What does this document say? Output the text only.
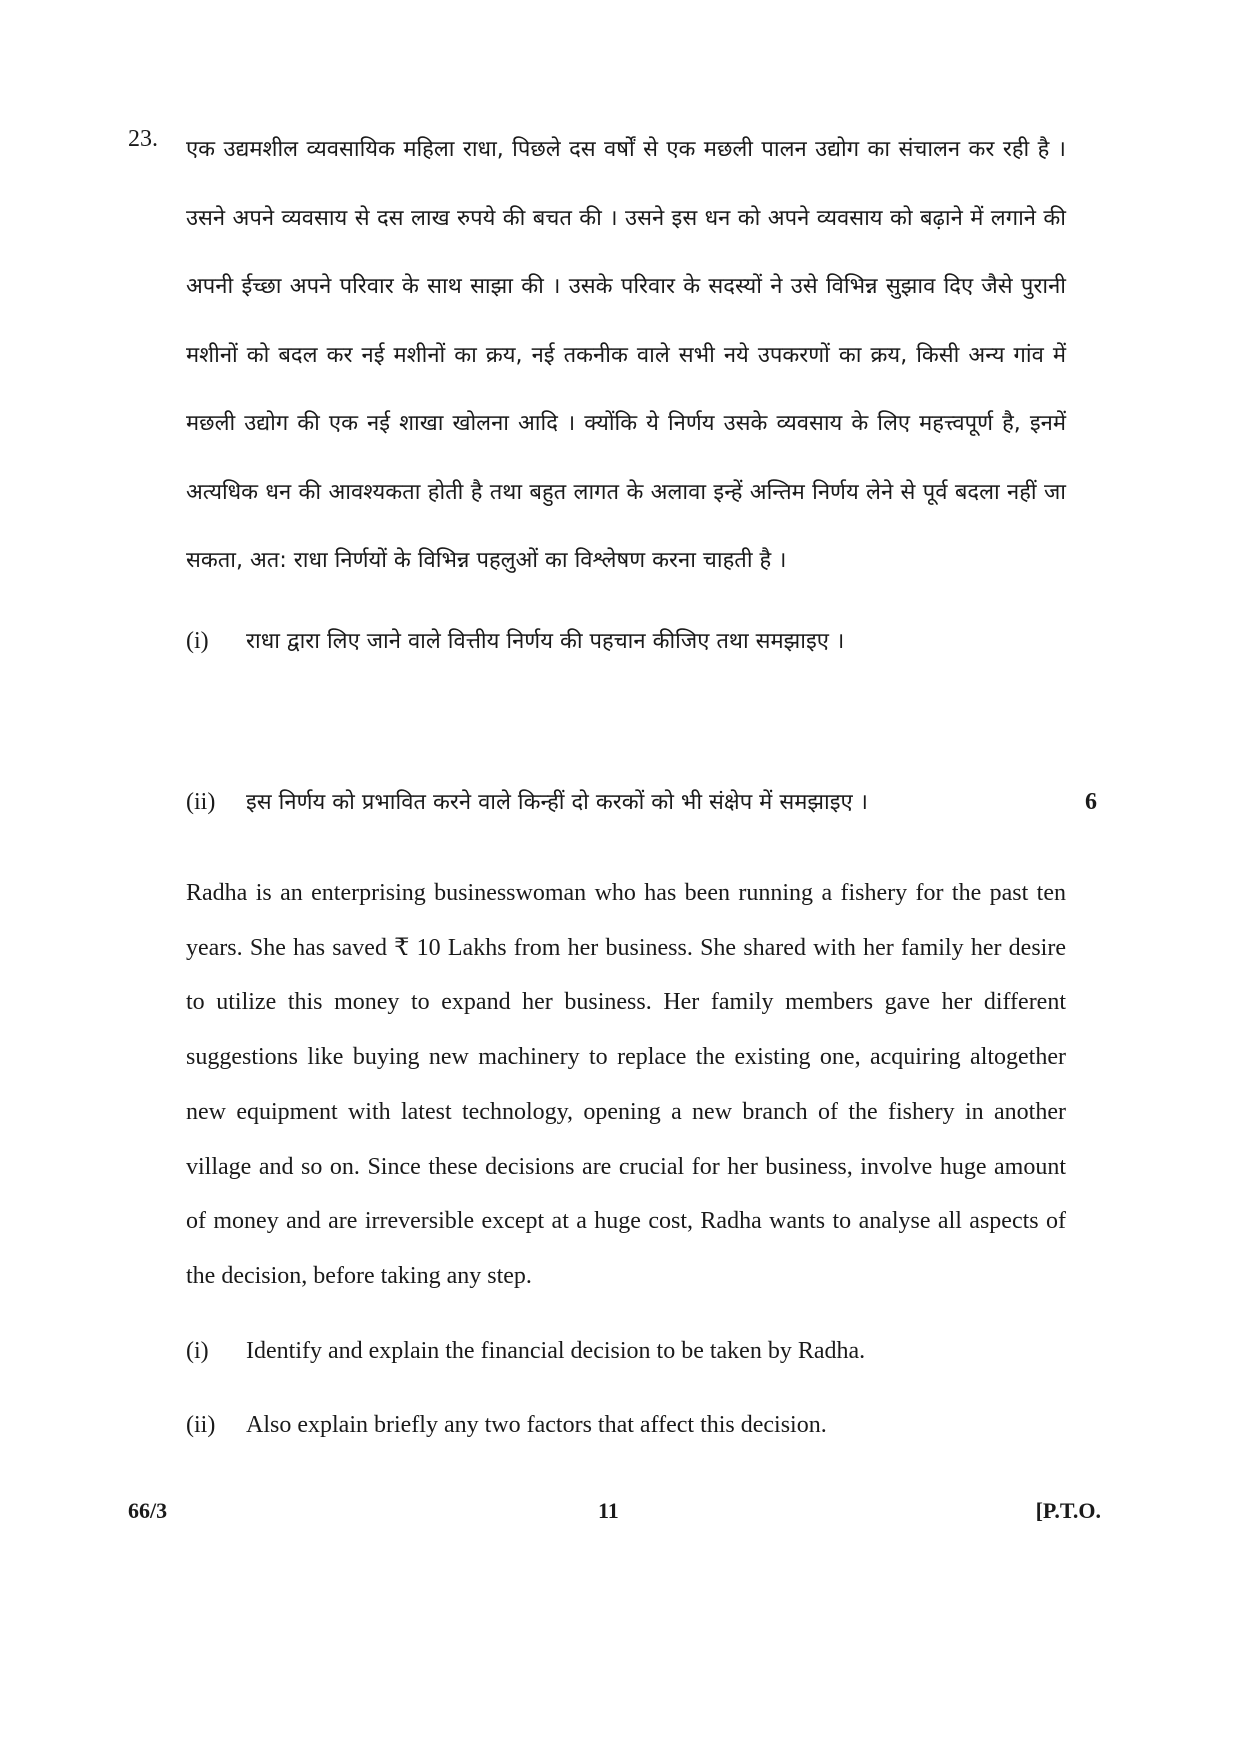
23. एक उद्यमशील व्यवसायिक महिला राधा, पिछले दस वर्षों से एक मछली पालन उद्योग का संचालन कर रही है । उसने अपने व्यवसाय से दस लाख रुपये की बचत की । उसने इस धन को अपने व्यवसाय को बढ़ाने में लगाने की अपनी ईच्छा अपने परिवार के साथ साझा की । उसके परिवार के सदस्यों ने उसे विभिन्न सुझाव दिए जैसे पुरानी मशीनों को बदल कर नई मशीनों का क्रय, नई तकनीक वाले सभी नये उपकरणों का क्रय, किसी अन्य गांव में मछली उद्योग की एक नई शाखा खोलना आदि । क्योंकि ये निर्णय उसके व्यवसाय के लिए महत्त्वपूर्ण है, इनमें अत्यधिक धन की आवश्यकता होती है तथा बहुत लागत के अलावा इन्हें अन्तिम निर्णय लेने से पूर्व बदला नहीं जा सकता, अत: राधा निर्णयों के विभिन्न पहलुओं का विश्लेषण करना चाहती है ।

(i) राधा द्वारा लिए जाने वाले वित्तीय निर्णय की पहचान कीजिए तथा समझाइए ।
(ii) इस निर्णय को प्रभावित करने वाले किन्हीं दो करकों को भी संक्षेप में समझाइए ।	6

Radha is an enterprising businesswoman who has been running a fishery for the past ten years. She has saved ₹ 10 Lakhs from her business. She shared with her family her desire to utilize this money to expand her business. Her family members gave her different suggestions like buying new machinery to replace the existing one, acquiring altogether new equipment with latest technology, opening a new branch of the fishery in another village and so on. Since these decisions are crucial for her business, involve huge amount of money and are irreversible except at a huge cost, Radha wants to analyse all aspects of the decision, before taking any step.

(i) Identify and explain the financial decision to be taken by Radha.
(ii) Also explain briefly any two factors that affect this decision.
66/3	11	[P.T.O.
